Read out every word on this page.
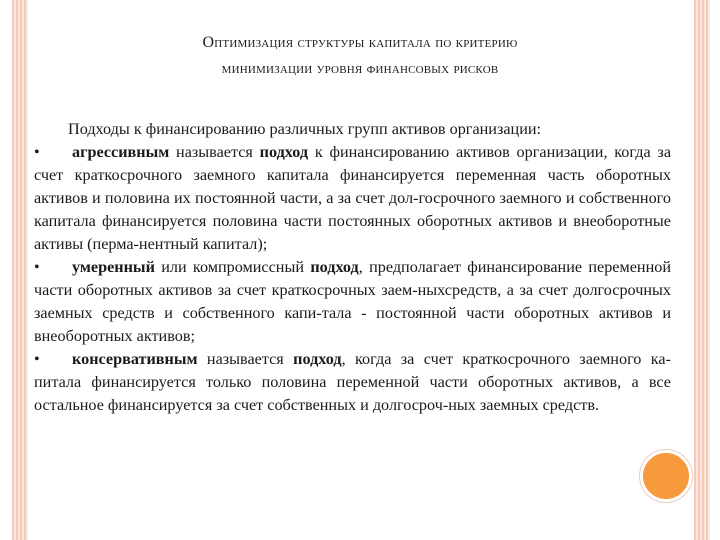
Оптимизация структуры капитала по критерию
минимизации уровня финансовых рисков
Подходы к финансированию различных групп активов организации:
• агрессивным называется подход к финансированию активов организации, когда за счет краткосрочного заемного капитала финансируется переменная часть оборотных активов и половина их постоянной части, а за счет дол-госрочного заемного и собственного капитала финансируется половина части постоянных оборотных активов и внеоборотные активы (перма-нентный капитал);
• умеренный или компромиссный подход, предполагает финансирование переменной части оборотных активов за счет краткосрочных заем-ныхсредств, а за счет долгосрочных заемных средств и собственного капи-тала - постоянной части оборотных активов и внеоборотных активов;
• консервативным называется подход, когда за счет краткосрочного заемного ка-питала финансируется только половина переменной части оборотных активов, а все остальное финансируется за счет собственных и долгосроч-ных заемных средств.
